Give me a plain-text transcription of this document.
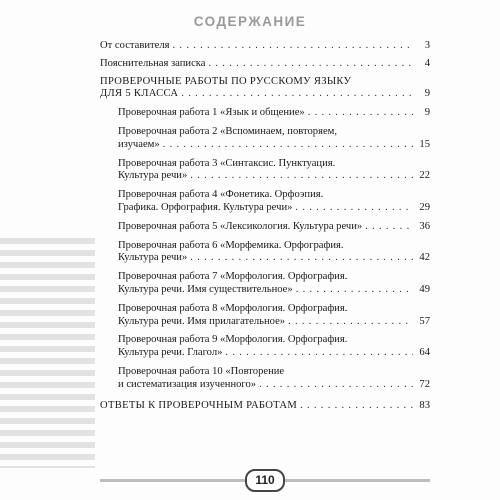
СОДЕРЖАНИЕ
От составителя . . .	3
Пояснительная записка . . .	4
ПРОВЕРОЧНЫЕ РАБОТЫ ПО РУССКОМУ ЯЗЫКУ
ДЛЯ 5 КЛАССА . . .	9
Проверочная работа 1 «Язык и общение» . . .	9
Проверочная работа 2 «Вспоминаем, повторяем,
изучаем» . . .	15
Проверочная работа 3 «Синтаксис. Пунктуация.
Культура речи» . . .	22
Проверочная работа 4 «Фонетика. Орфоэпия.
Графика. Орфография. Культура речи» . . .	29
Проверочная работа 5 «Лексикология. Культура речи» . . .	36
Проверочная работа 6 «Морфемика. Орфография.
Культура речи» . . .	42
Проверочная работа 7 «Морфология. Орфография.
Культура речи. Имя существительное» . . .	49
Проверочная работа 8 «Морфология. Орфография.
Культура речи. Имя прилагательное» . . .	57
Проверочная работа 9 «Морфология. Орфография.
Культура речи. Глагол» . . .	64
Проверочная работа 10 «Повторение
и систематизация изученного» . . .	72
ОТВЕТЫ К ПРОВЕРОЧНЫМ РАБОТАМ . . .	83
110
